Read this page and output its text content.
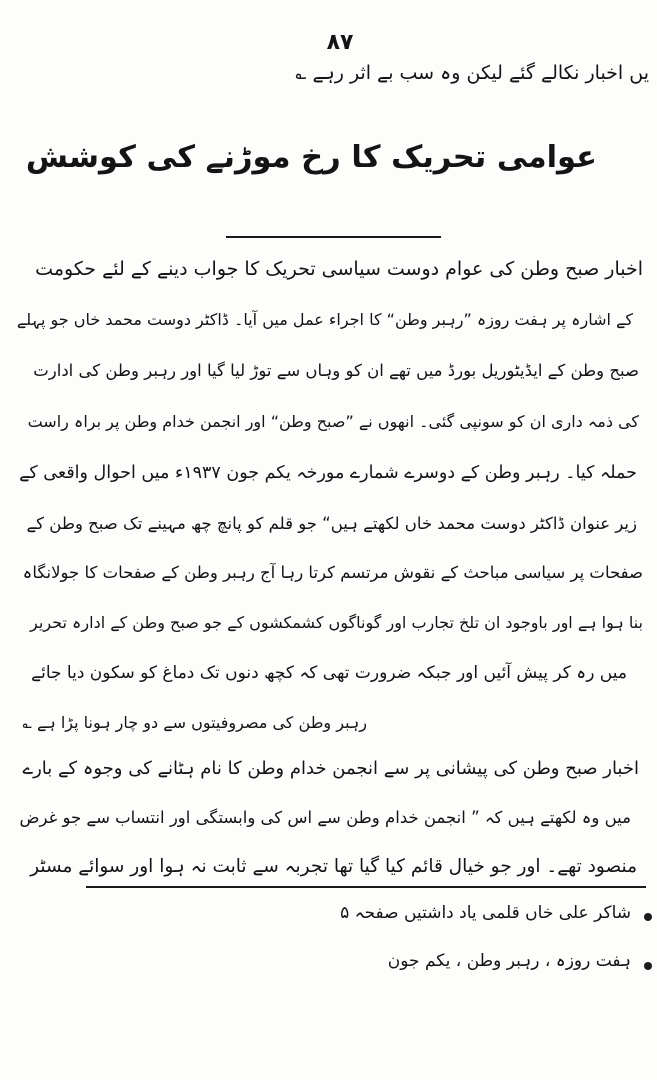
۸۷
یں اخبار نکالے گئے لیکن وہ سب بے اثر رہے ؎
عوامی تحریک کا رخ موڑنے کی کوشش
اخبار صبح وطن کی عوام دوست سیاسی تحریک کا جواب دینے کے لئے حکومت
کے اشارہ پر ہفت روزہ ”رہبر وطن“ کا اجراء عمل میں آیا۔ ڈاکٹر دوست محمد خاں جو پہلے
صبح وطن کے ایڈیٹوریل بورڈ میں تھے ان کو وہاں سے توڑ لیا گیا اور رہبر وطن کی ادارت
کی ذمہ داری ان کو سونپی گئی۔ انھوں نے ”صبح وطن“ اور انجمن خدام وطن پر براہ راست
حملہ کیا۔ رہبر وطن کے دوسرے شمارے مورخہ یکم جون ۱۹۳۷ء میں احوال واقعی کے
زیر عنوان ڈاکٹر دوست محمد خاں لکھتے ہیں“ جو قلم کو پانچ چھ مہینے تک صبح وطن کے
صفحات پر سیاسی مباحث کے نقوش مرتسم کرتا رہا آج رہبر وطن کے صفحات کا جولانگاہ
بنا ہوا ہے اور باوجود ان تلخ تجارب اور گوناگوں کشمکشوں کے جو صبح وطن کے ادارہ تحریر
میں رہ کر پیش آئیں اور جبکہ ضرورت تھی کہ کچھ دنوں تک دماغ کو سکون دیا جائے
رہبر وطن کی مصروفیتوں سے دو چار ہونا پڑا ہے ؎
اخبار صبح وطن کی پیشانی پر سے انجمن خدام وطن کا نام ہٹانے کی وجوہ کے بارے
میں وہ لکھتے ہیں کہ ” انجمن خدام وطن سے اس کی وابستگی اور انتساب سے جو غرض
منصود تھے۔ اور جو خیال قائم کیا گیا تھا تجربہ سے ثابت نہ ہوا اور سوائے مسٹر
شاکر علی خاں قلمی یاد داشتیں صفحہ ۵
ہفت روزہ ، رہبر وطن ، یکم جون
